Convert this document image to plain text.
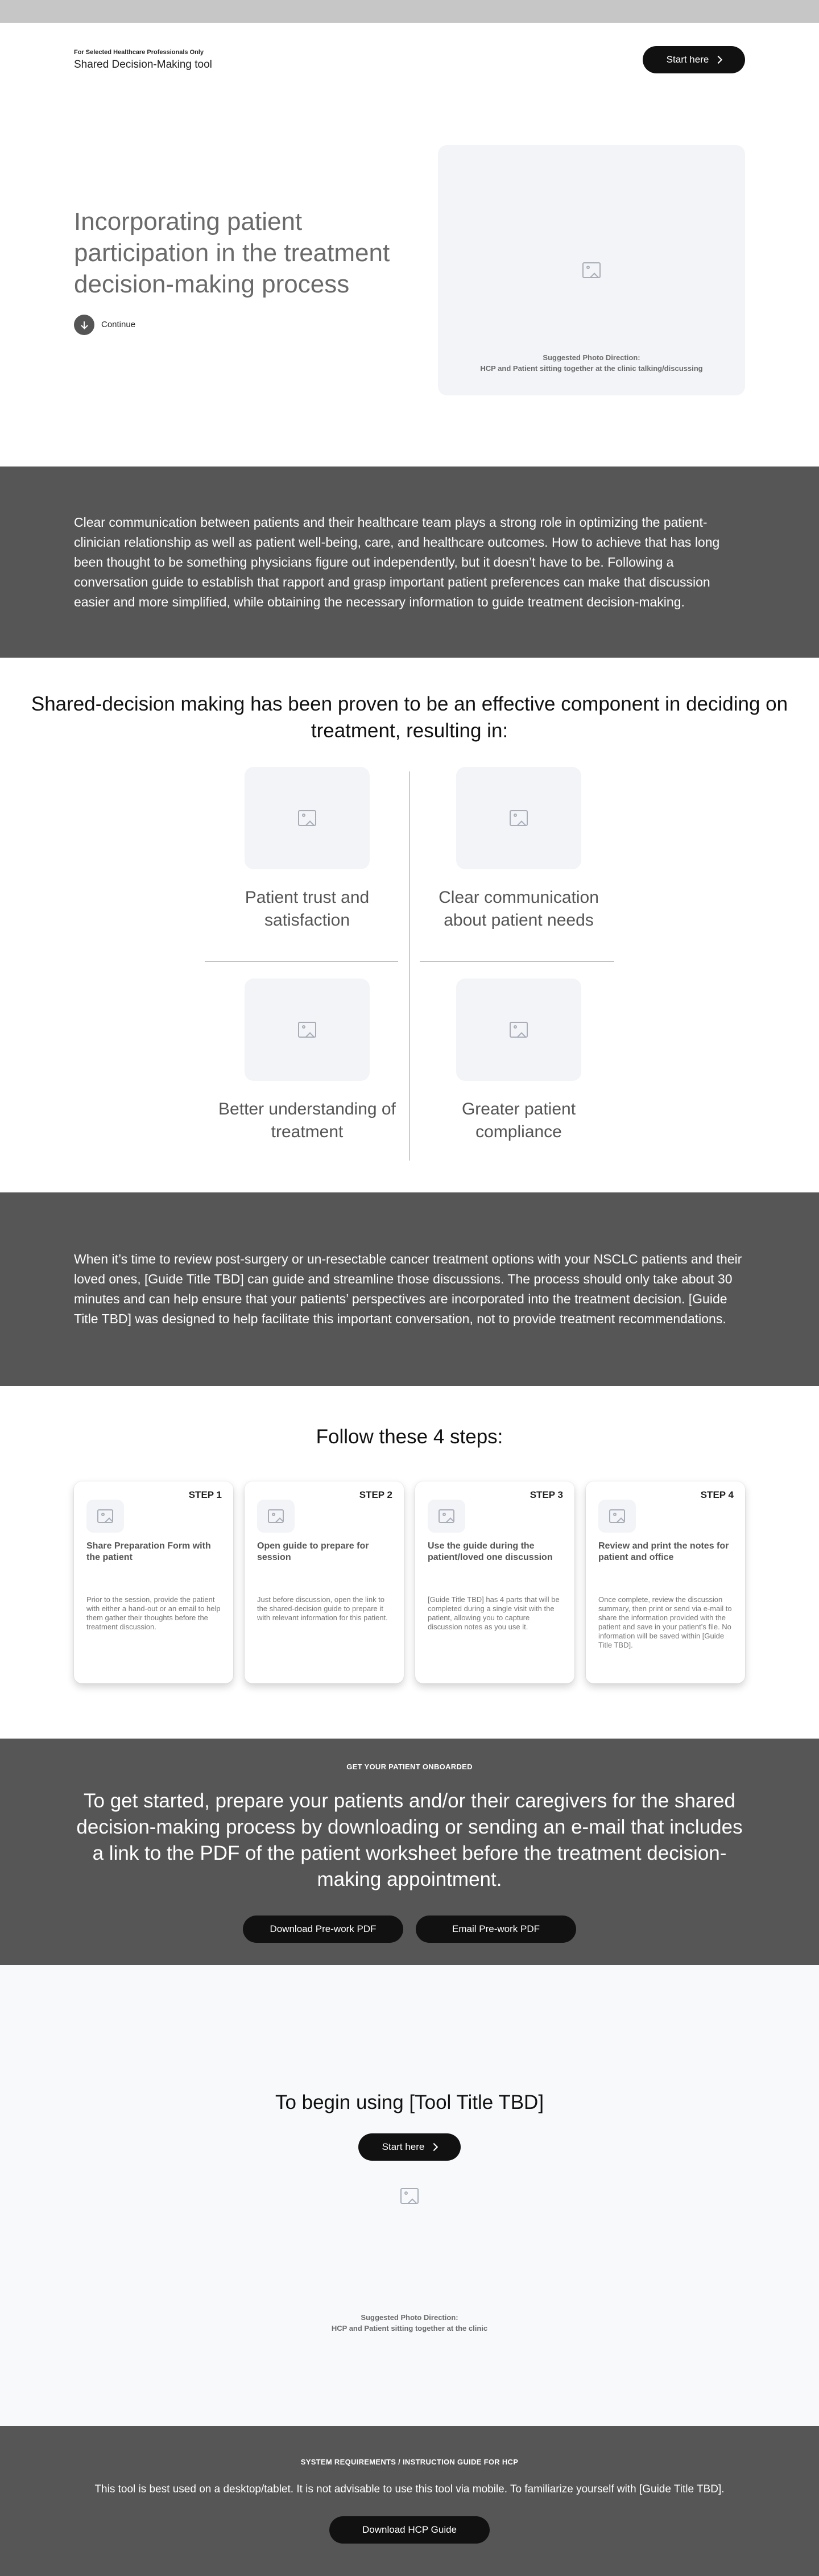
For Selected Healthcare Professionals Only
Shared Decision-Making tool	Start here
Incorporating patient participation in the treatment decision-making process
Continue
Suggested Photo Direction:
HCP and Patient sitting together at the clinic talking/discussing

Clear communication between patients and their healthcare team plays a strong role in optimizing the patient-clinician relationship as well as patient well-being, care, and healthcare outcomes. How to achieve that has long been thought to be something physicians figure out independently, but it doesn’t have to be. Following a conversation guide to establish that rapport and grasp important patient preferences can make that discussion easier and more simplified, while obtaining the necessary information to guide treatment decision-making.

Shared-decision making has been proven to be an effective component in deciding on treatment, resulting in:
Patient trust and satisfaction
Clear communication about patient needs
Better understanding of treatment
Greater patient compliance

When it’s time to review post-surgery or un-resectable cancer treatment options with your NSCLC patients and their loved ones, [Guide Title TBD] can guide and streamline those discussions. The process should only take about 30 minutes and can help ensure that your patients’ perspectives are incorporated into the treatment decision. [Guide Title TBD] was designed to help facilitate this important conversation, not to provide treatment recommendations.

Follow these 4 steps:
STEP 1
Share Preparation Form with the patient
Prior to the session, provide the patient with either a hand-out or an email to help them gather their thoughts before the treatment discussion.
STEP 2
Open guide to prepare for session
Just before discussion, open the link to the shared-decision guide to prepare it with relevant information for this patient.
STEP 3
Use the guide during the patient/loved one discussion
[Guide Title TBD] has 4 parts that will be completed during a single visit with the patient, allowing you to capture discussion notes as you use it.
STEP 4
Review and print the notes for patient and office
Once complete, review the discussion summary, then print or send via e-mail to share the information provided with the patient and save in your patient’s file. No information will be saved within [Guide Title TBD].
GET YOUR PATIENT ONBOARDED
To get started, prepare your patients and/or their caregivers for the shared decision-making process by downloading or sending an e-mail that includes a link to the PDF of the patient worksheet before the treatment decision-making appointment.
Download Pre-work PDF	Email Pre-work PDF
To begin using [Tool Title TBD]
Start here
Suggested Photo Direction:
HCP and Patient sitting together at the clinic
SYSTEM REQUIREMENTS / INSTRUCTION GUIDE FOR HCP
This tool is best used on a desktop/tablet. It is not advisable to use this tool via mobile. To familiarize yourself with [Guide Title TBD].
Download HCP Guide
